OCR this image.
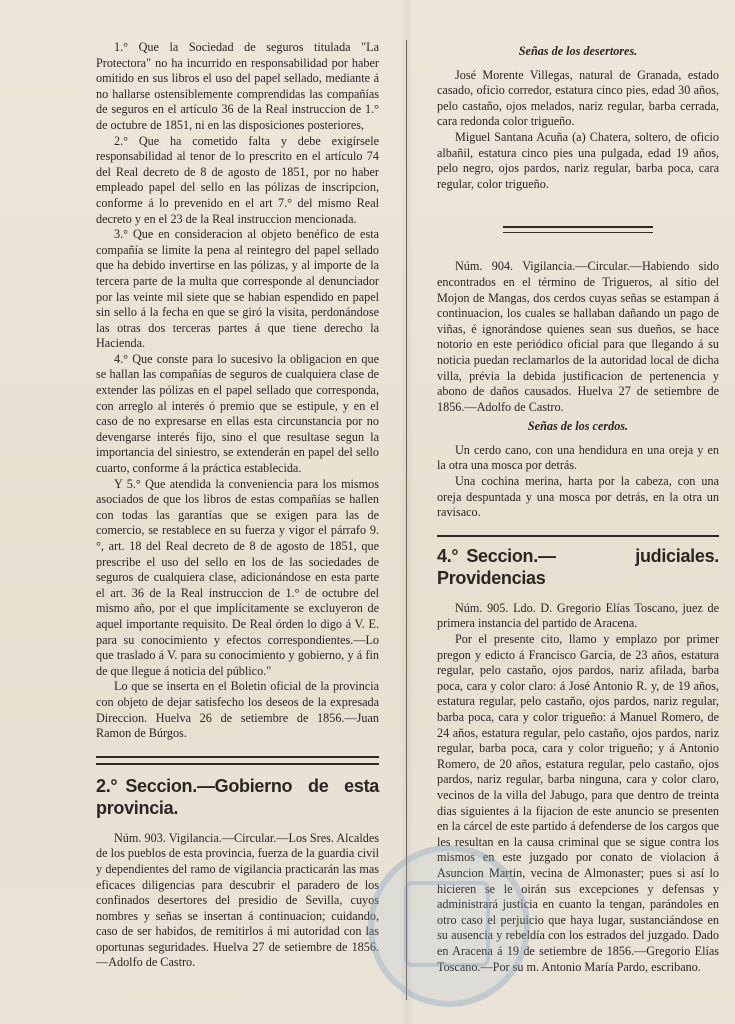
1.° Que la Sociedad de seguros titulada "La Protectora" no ha incurrido en responsabilidad por haber omitido en sus libros el uso del papel sellado, mediante á no hallarse ostensiblemente comprendidas las compañías de seguros en el artículo 36 de la Real instruccion de 1.° de octubre de 1851, ni en las disposiciones posteriores,

2.° Que ha cometido falta y debe exigírsele responsabilidad al tenor de lo prescrito en el artículo 74 del Real decreto de 8 de agosto de 1851, por no haber empleado papel del sello en las pólizas de inscripcion, conforme á lo prevenido en el art 7.° del mismo Real decreto y en el 23 de la Real instruccion mencionada.

3.° Que en consideracion al objeto benéfico de esta compañía se limite la pena al reintegro del papel sellado que ha debido invertirse en las pólizas, y al importe de la tercera parte de la multa que corresponde al denunciador por las veinte mil siete que se habian espendido en papel sin sello á la fecha en que se giró la visita, perdonándose las otras dos terceras partes á que tiene derecho la Hacienda.

4.° Que conste para lo sucesivo la obligacion en que se hallan las compañías de seguros de cualquiera clase de extender las pólizas en el papel sellado que corresponda, con arreglo al interés ó premio que se estipule, y en el caso de no expresarse en ellas esta circunstancia por no devengarse interés fijo, sino el que resultase segun la importancia del siniestro, se extenderán en papel del sello cuarto, conforme á la práctica establecida.

Y 5.° Que atendida la conveniencia para los mismos asociados de que los libros de estas compañías se hallen con todas las garantías que se exigen para las de comercio, se restablece en su fuerza y vigor el párrafo 9.°, art. 18 del Real decreto de 8 de agosto de 1851, que prescribe el uso del sello en los de las sociedades de seguros de cualquiera clase, adicionándose en esta parte el art. 36 de la Real instruccion de 1.° de octubre del mismo año, por el que implícitamente se excluyeron de aquel importante requisito. De Real órden lo digo á V. E. para su conocimiento y efectos correspondientes.—Lo que traslado á V. para su conocimiento y gobierno, y á fin de que llegue á noticia del público."

Lo que se inserta en el Boletin oficial de la provincia con objeto de dejar satisfecho los deseos de la expresada Direccion. Huelva 26 de setiembre de 1856.—Juan Ramon de Búrgos.

2.° Seccion.—Gobierno de esta provincia.

Núm. 903. Vigilancia.—Circular.—Los Sres. Alcaldes de los pueblos de esta provincia, fuerza de la guardia civil y dependientes del ramo de vigilancia practicarán las mas eficaces diligencias para descubrir el paradero de los confinados desertores del presidio de Sevilla, cuyos nombres y señas se insertan á continuacion; cuidando, caso de ser habidos, de remitirlos á mi autoridad con las oportunas seguridades. Huelva 27 de setiembre de 1856.—Adolfo de Castro.

Señas de los desertores.

José Morente Villegas, natural de Granada, estado casado, oficio corredor, estatura cinco pies, edad 30 años, pelo castaño, ojos melados, nariz regular, barba cerrada, cara redonda color trigueño.

Miguel Santana Acuña (a) Chatera, soltero, de oficio albañil, estatura cinco pies una pulgada, edad 19 años, pelo negro, ojos pardos, nariz regular, barba poca, cara regular, color trigueño.

Núm. 904. Vigilancia.—Circular.—Habiendo sido encontrados en el término de Trigueros, al sitio del Mojon de Mangas, dos cerdos cuyas señas se estampan á continuacion, los cuales se hallaban dañando un pago de viñas, é ignorándose quienes sean sus dueños, se hace notorio en este periódico oficial para que llegando á su noticia puedan reclamarlos de la autoridad local de dicha villa, prévia la debida justificacion de pertenencia y abono de daños causados. Huelva 27 de setiembre de 1856.—Adolfo de Castro.

Señas de los cerdos.

Un cerdo cano, con una hendidura en una oreja y en la otra una mosca por detrás.

Una cochina merina, harta por la cabeza, con una oreja despuntada y una mosca por detrás, en la otra un ravisaco.

4.° Seccion.—Providencias
judiciales.

Núm. 905. Ldo. D. Gregorio Elías Toscano, juez de primera instancia del partido de Aracena.

Por el presente cito, llamo y emplazo por primer pregon y edicto á Francisco García, de 23 años, estatura regular, pelo castaño, ojos pardos, nariz afilada, barba poca, cara y color claro: á José Antonio R. y, de 19 años, estatura regular, pelo castaño, ojos pardos, nariz regular, barba poca, cara y color trigueño: á Manuel Romero, de 24 años, estatura regular, pelo castaño, ojos pardos, nariz regular, barba poca, cara y color trigueño; y á Antonio Romero, de 20 años, estatura regular, pelo castaño, ojos pardos, nariz regular, barba ninguna, cara y color claro, vecinos de la villa del Jabugo, para que dentro de treinta dias siguientes á la fijacion de este anuncio se presenten en la cárcel de este partido á defenderse de los cargos que les resultan en la causa criminal que se sigue contra los mismos en este juzgado por conato de violacion á Asuncion Martin, vecina de Almonaster; pues si así lo hicieren se le oirán sus excepciones y defensas y administrará justicia en cuanto la tengan, parándoles en otro caso el perjuicio que haya lugar, sustanciándose en su ausencia y rebeldía con los estrados del juzgado. Dado en Aracena á 19 de setiembre de 1856.—Gregorio Elías Toscano.—Por su m. Antonio María Pardo, escribano.
